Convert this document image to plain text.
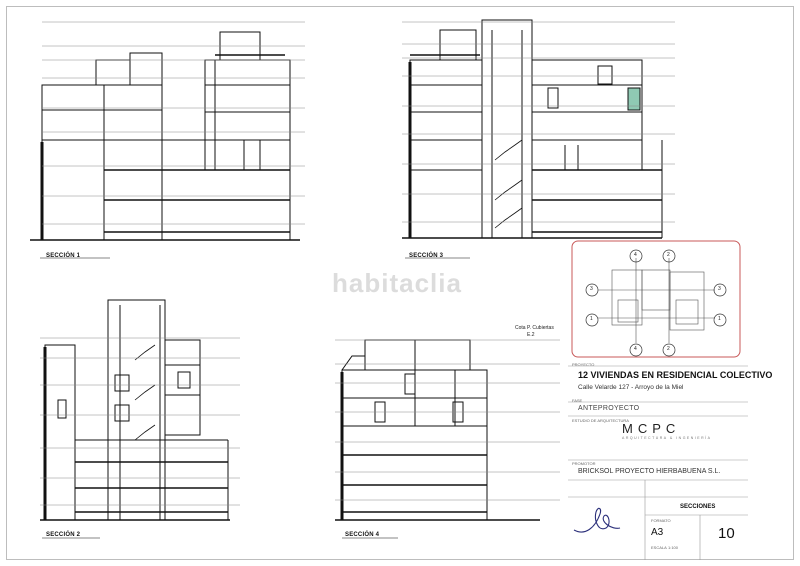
SECCIÓN 1	SECCIÓN 3
SECCIÓN 2	SECCIÓN 4
Cota P. Cubiertas
E.2
habitaclia
4	2
3	3
1	1
4	2
PROYECTO
12 VIVIENDAS EN RESIDENCIAL COLECTIVO
Calle Velarde 127 - Arroyo de la Miel
FASE
ANTEPROYECTO
ESTUDIO DE ARQUITECTURA
MCPC
ARQUITECTURA & INGENIERÍA
PROMOTOR
BRICKSOL PROYECTO HIERBABUENA S.L.
SECCIONES
FORMATO
A3
ESCALA 1:100
10
